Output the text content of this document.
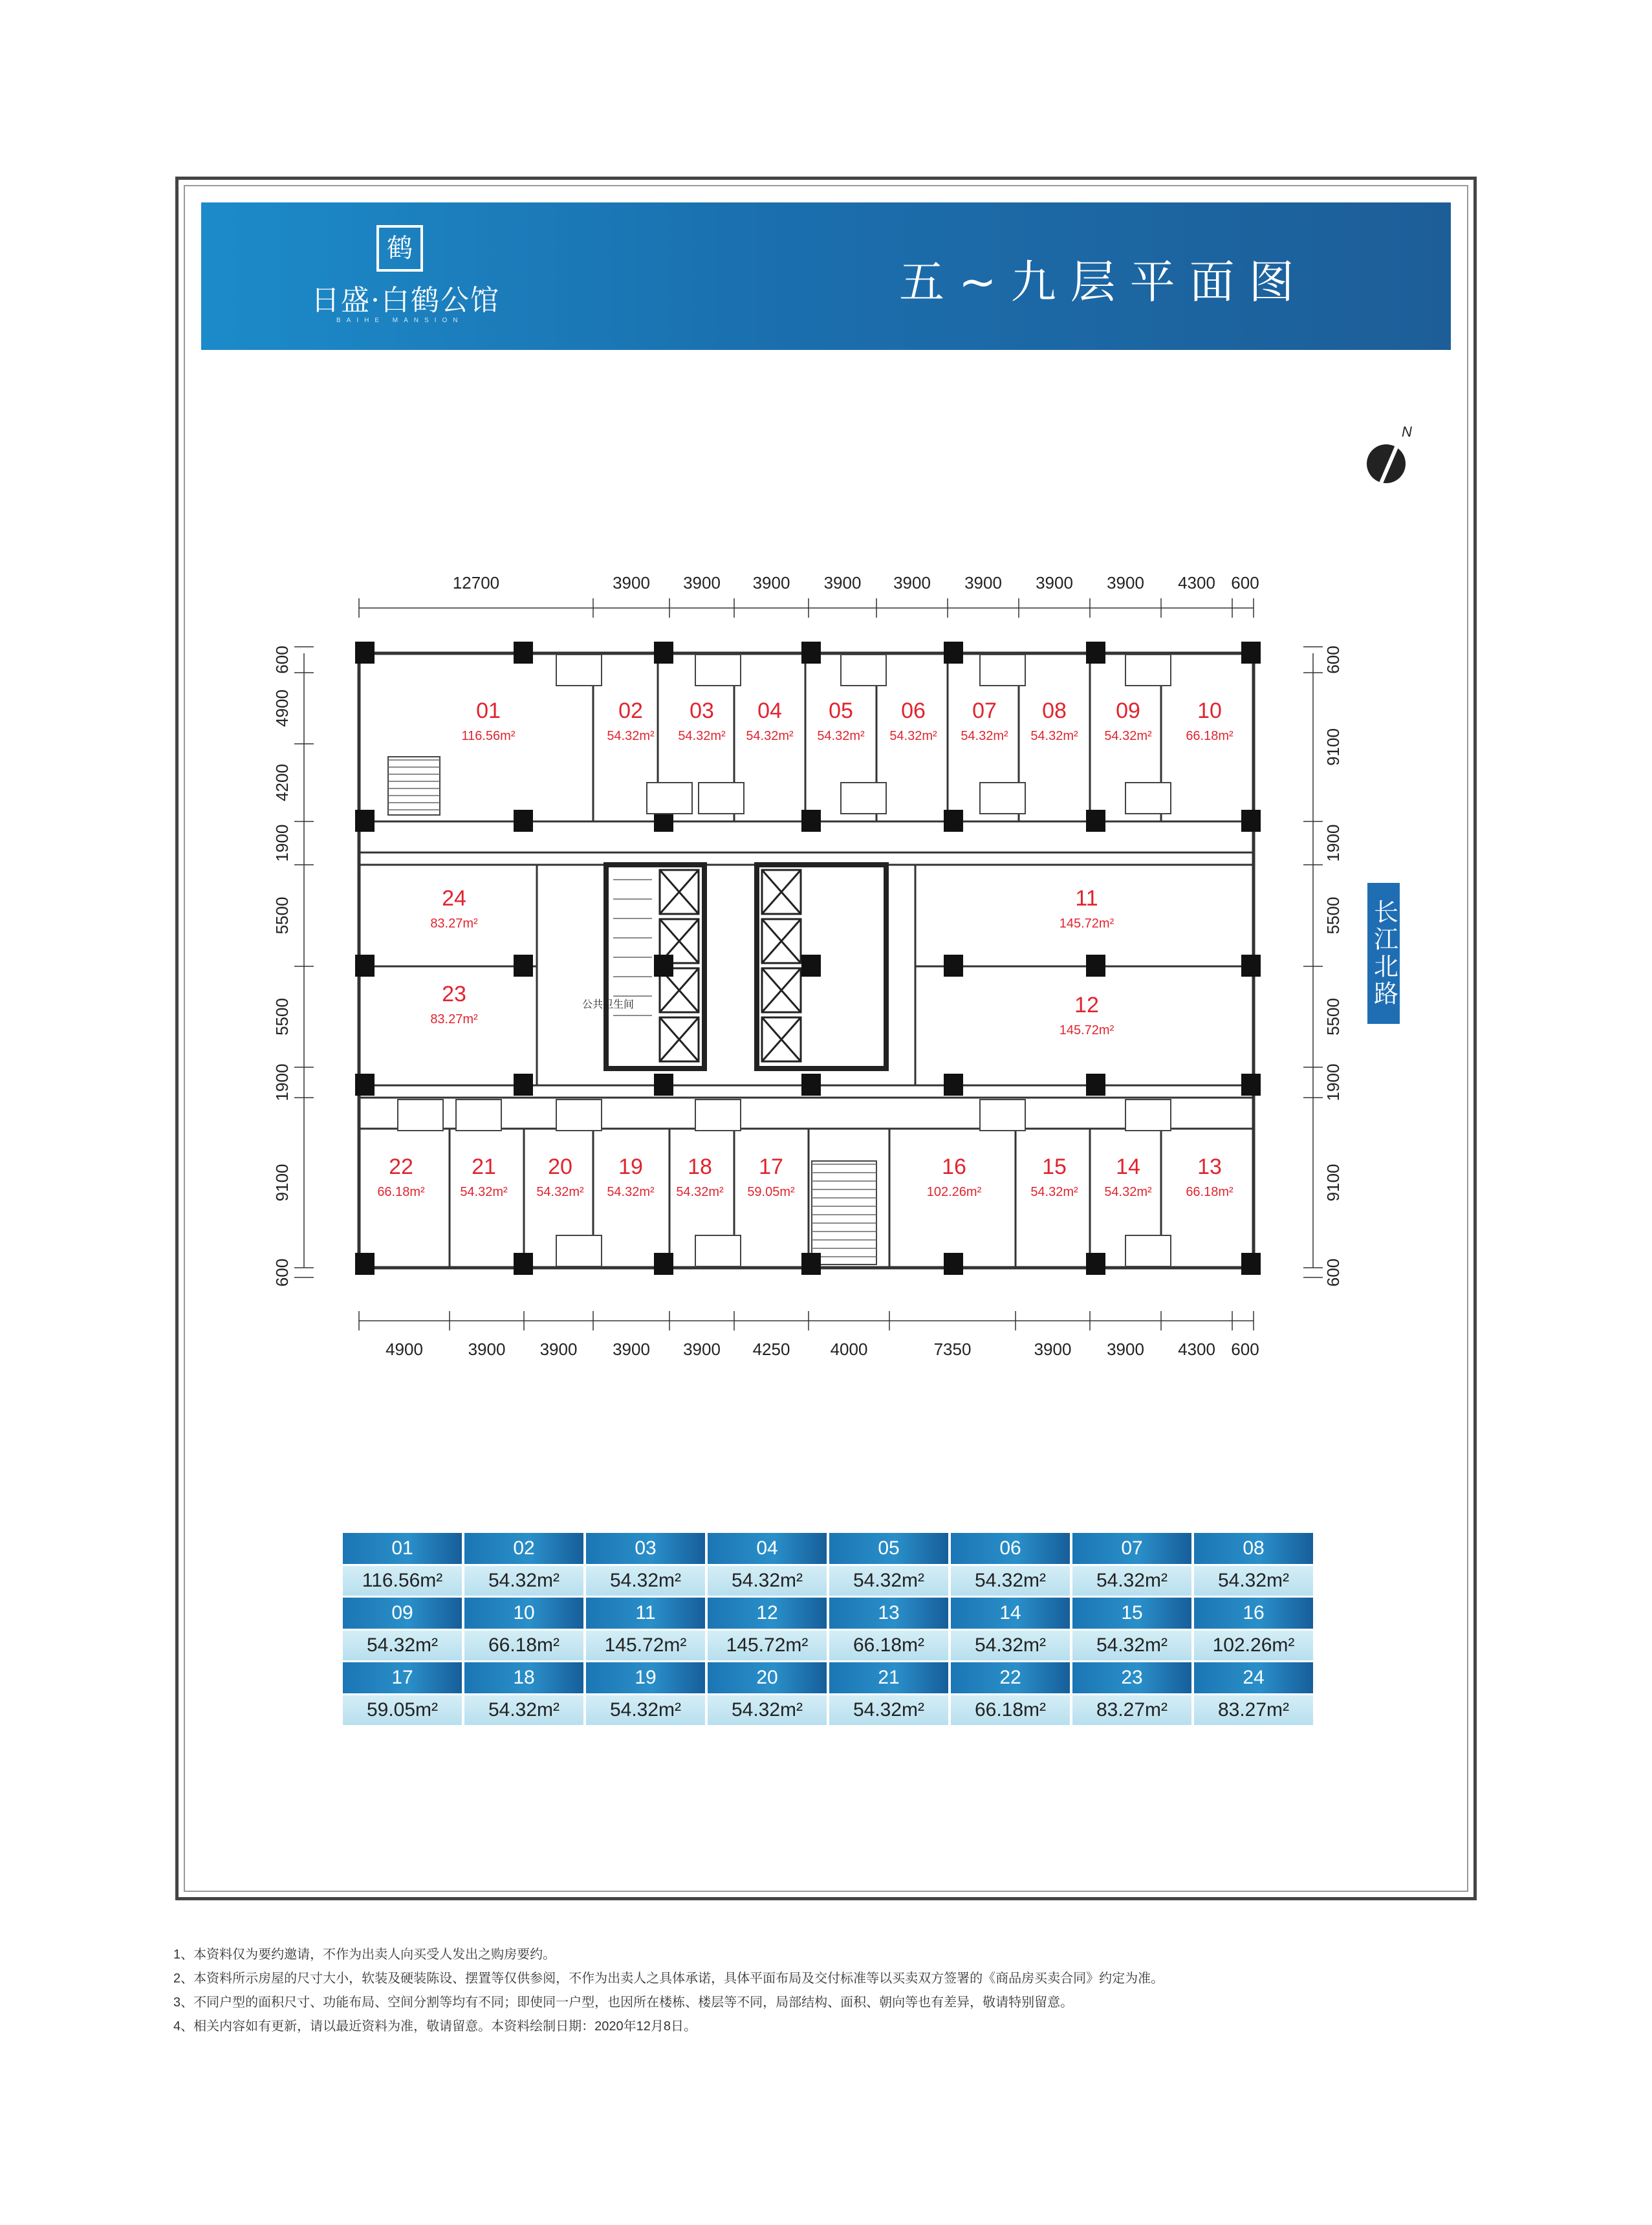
鹤
日盛·白鹤公馆
BAIHE MANSION
五~九层平面图
N
12700	3900 3900 3900 3900 3900 3900 3900 3900 4300 600
4900	3900 3900 3900 3900 4250 4000	7350	3900 3900 4300 600
600
4900
4200
1900
5500
5500
1900
9100
600
600
9100
1900
5500
5500
1900
9100
600
公共卫生间
01
116.56m²
02
54.32m²
03
54.32m²
04
54.32m²
05
54.32m²
06
54.32m²
07
54.32m²
08
54.32m²
09
54.32m²
10
66.18m²
11
145.72m²
12
145.72m²
13
66.18m²
14
54.32m²
15
54.32m²
16
102.26m²
17
59.05m²
18
54.32m²
19
54.32m²
20
54.32m²
21
54.32m²
22
66.18m²
23
83.27m²
24
83.27m²	长江北路
01	02	03	04	05	06	07	08
116.56m²	54.32m²	54.32m²	54.32m²	54.32m²	54.32m²	54.32m²	54.32m²
09	10	11	12	13	14	15	16
54.32m²	66.18m²	145.72m²	145.72m²	66.18m²	54.32m²	54.32m²	102.26m²
17	18	19	20	21	22	23	24
59.05m²	54.32m²	54.32m²	54.32m²	54.32m²	66.18m²	83.27m²	83.27m²
1、本资料仅为要约邀请，不作为出卖人向买受人发出之购房要约。
2、本资料所示房屋的尺寸大小，软装及硬装陈设、摆置等仅供参阅，不作为出卖人之具体承诺，具体平面布局及交付标准等以买卖双方签署的《商品房买卖合同》约定为准。
3、不同户型的面积尺寸、功能布局、空间分割等均有不同；即使同一户型，也因所在楼栋、楼层等不同，局部结构、面积、朝向等也有差异，敬请特别留意。
4、相关内容如有更新，请以最近资料为准，敬请留意。本资料绘制日期：2020年12月8日。
